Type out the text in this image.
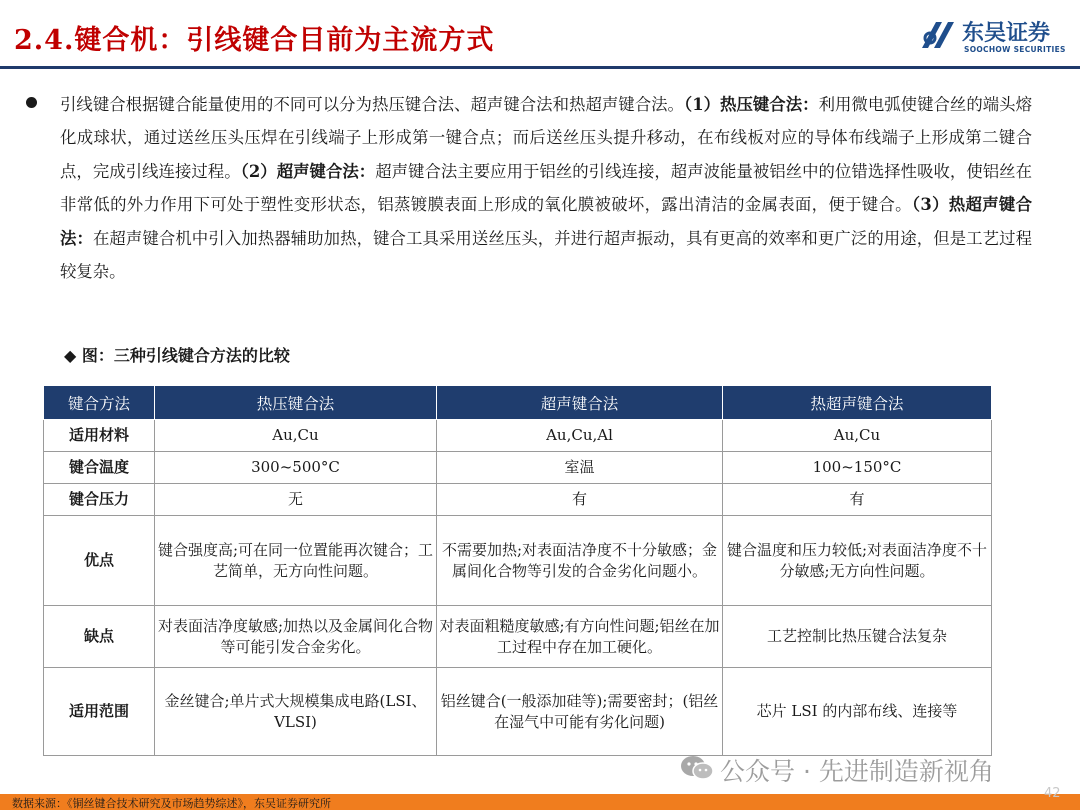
2.4.键合机：引线键合目前为主流方式	东吴证券
SOOCHOW SECURITIES
引线键合根据键合能量使用的不同可以分为热压键合法、超声键合法和热超声键合法。（1）热压键合法：利用微电弧使键合丝的端头熔化成球状，通过送丝压头压焊在引线端子上形成第一键合点；而后送丝压头提升移动，在布线板对应的导体布线端子上形成第二键合点，完成引线连接过程。（2）超声键合法：超声键合法主要应用于铝丝的引线连接，超声波能量被铝丝中的位错选择性吸收，使铝丝在非常低的外力作用下可处于塑性变形状态，铝蒸镀膜表面上形成的氧化膜被破坏，露出清洁的金属表面，便于键合。（3）热超声键合法：在超声键合机中引入加热器辅助加热，键合工具采用送丝压头，并进行超声振动，具有更高的效率和更广泛的用途，但是工艺过程较复杂。
◆ 图：三种引线键合方法的比较
键合方法	热压键合法	超声键合法	热超声键合法
适用材料	Au,Cu	Au,Cu,Al	Au,Cu
键合温度	300~500°C	室温	100~150°C
键合压力	无	有	有
优点	键合强度高;可在同一位置能再次键合；工艺简单，无方向性问题。	不需要加热;对表面洁净度不十分敏感；金属间化合物等引发的合金劣化问题小。	键合温度和压力较低;对表面洁净度不十分敏感;无方向性问题。
缺点	对表面洁净度敏感;加热以及金属间化合物等可能引发合金劣化。	对表面粗糙度敏感;有方向性问题;铝丝在加工过程中存在加工硬化。	工艺控制比热压键合法复杂
适用范围	金丝键合;单片式大规模集成电路(LSI、VLSI)	铝丝键合(一般添加硅等);需要密封；(铝丝在湿气中可能有劣化问题)	芯片 LSI 的内部布线、连接等
公众号 · 先进制造新视角
数据来源：《铜丝键合技术研究及市场趋势综述》，东吴证券研究所
42
